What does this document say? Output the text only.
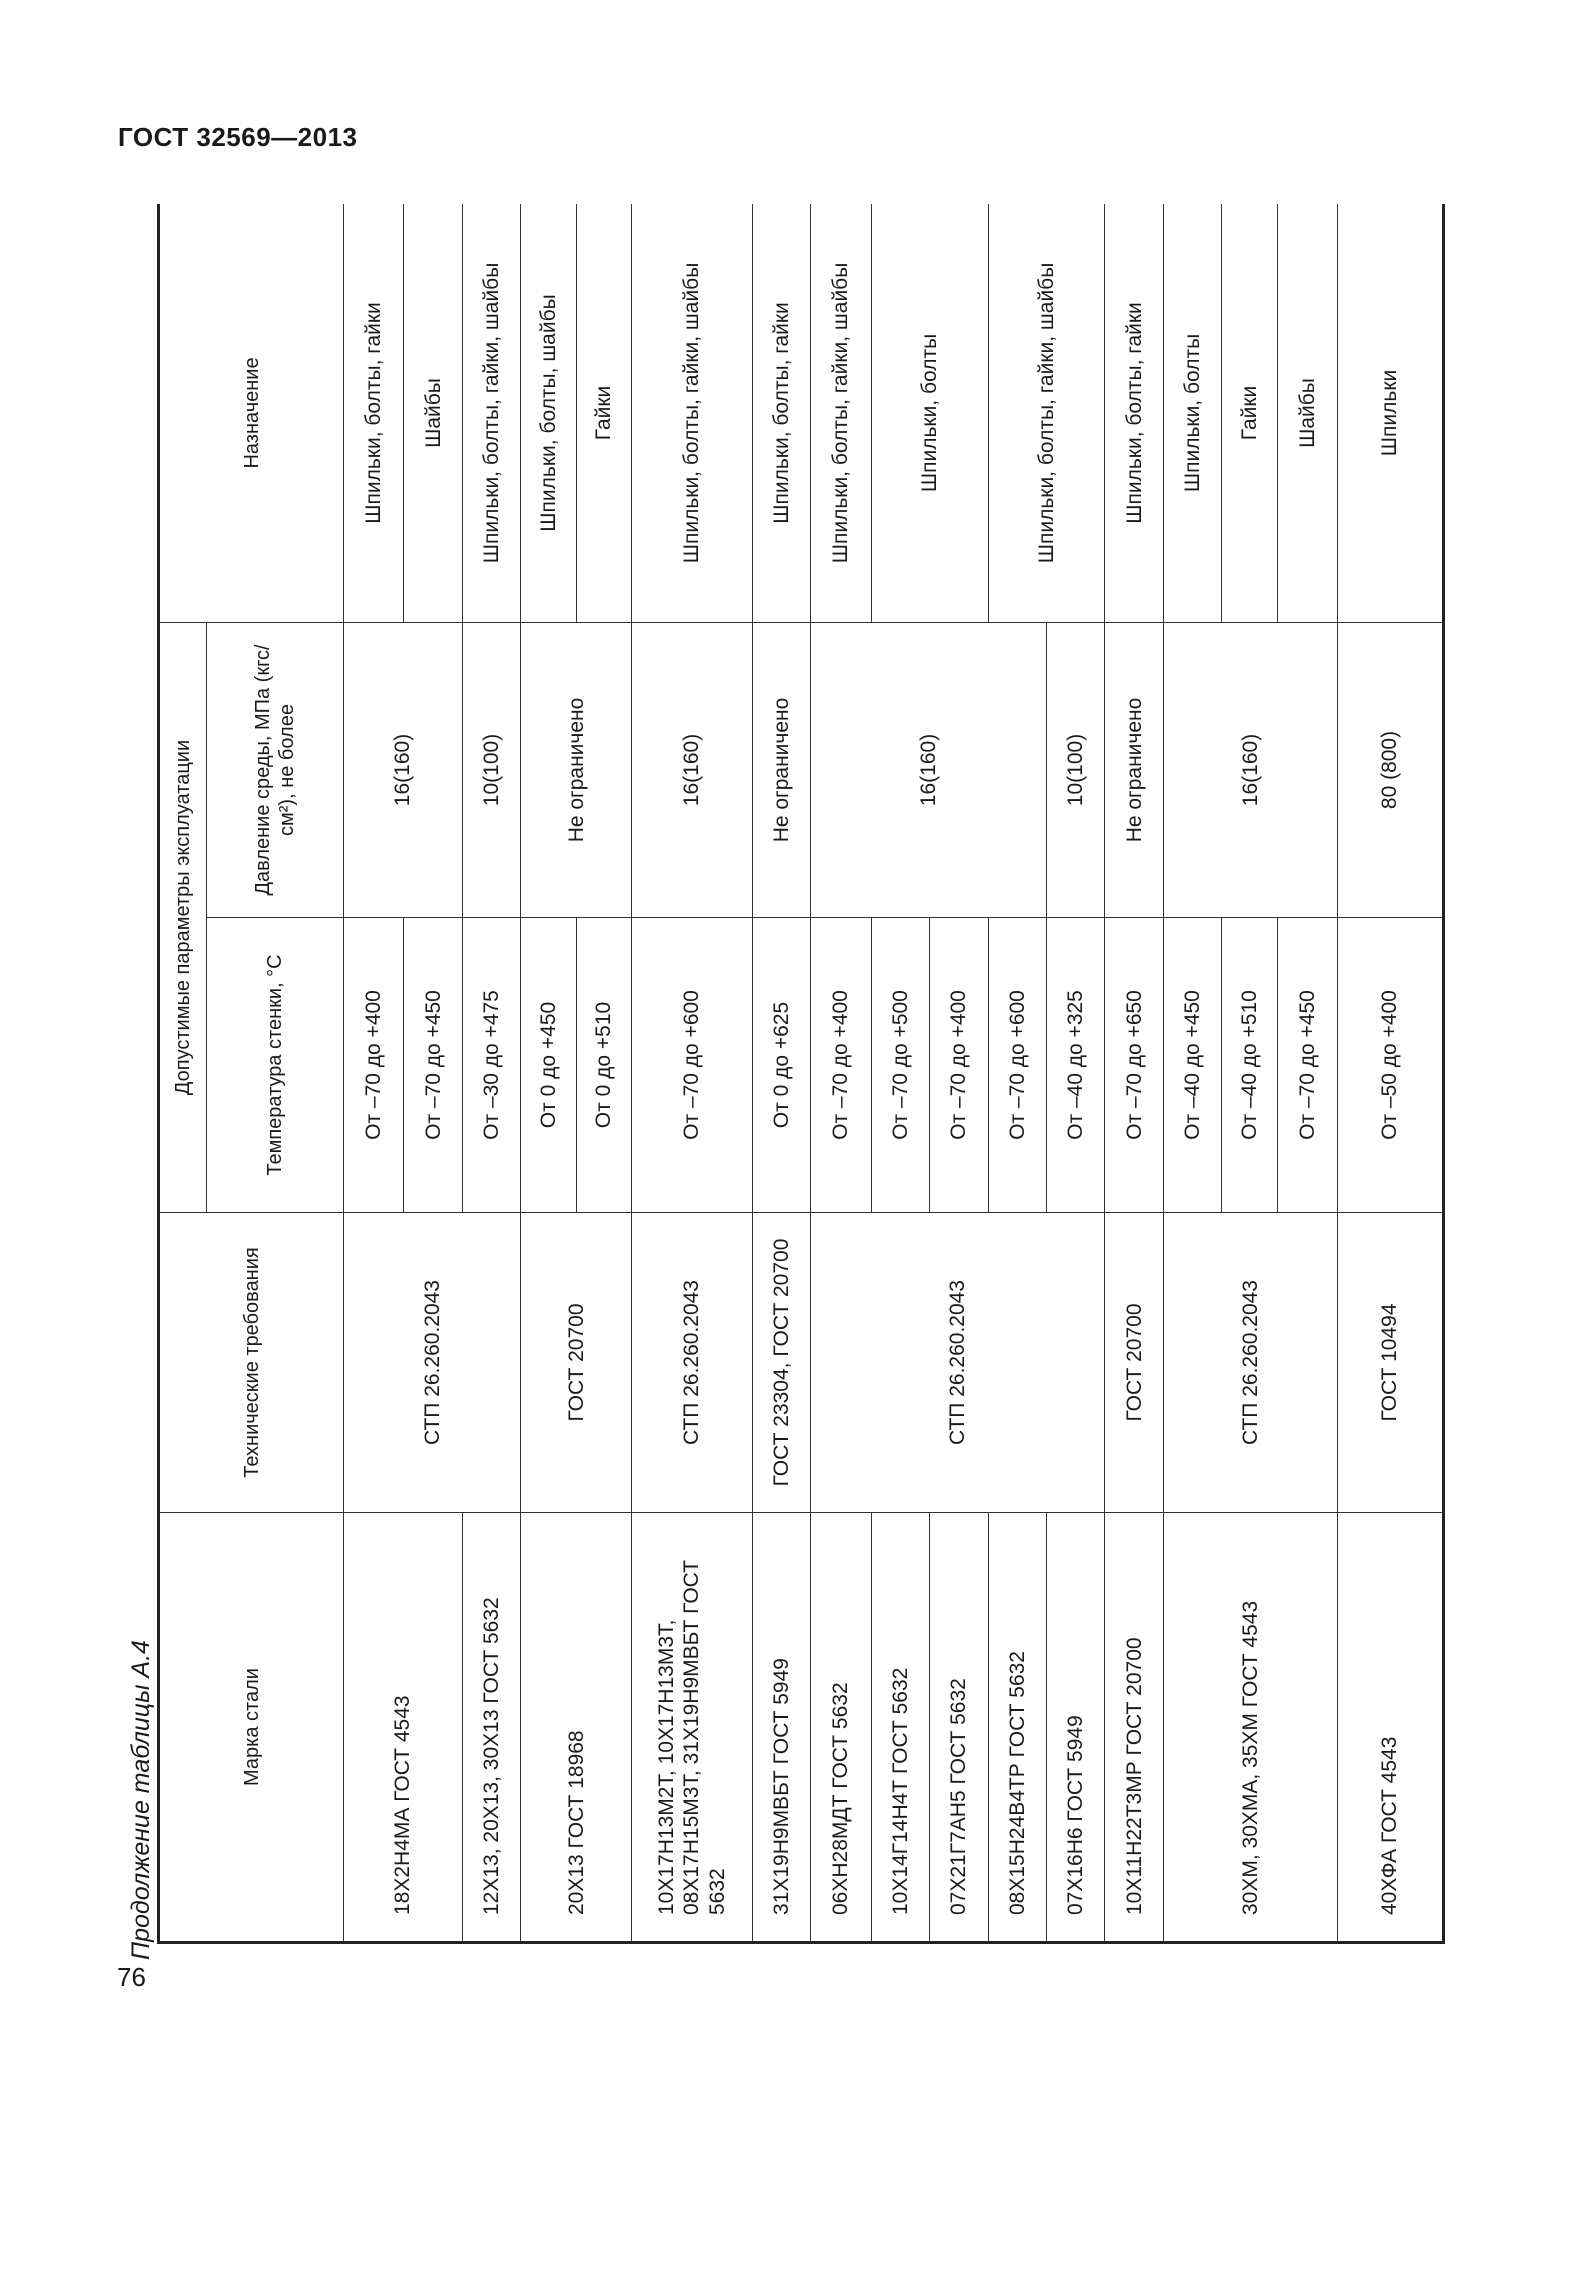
ГОСТ 32569—2013
76
Продолжение таблицы А.4	Марка стали	Технические требования	Допустимые параметры эксплуатации		Назначение
		Температура стенки, °С	Давление среды, МПа (кгс/см²), не более	
18Х2Н4МА ГОСТ 4543	СТП 26.260.2043	От –70 до +400	16(160)	Шпильки, болты, гайки
		От –70 до +450		Шайбы
12Х13, 20Х13, 30Х13 ГОСТ 5632		От –30 до +475	10(100)	Шпильки, болты, гайки, шайбы
20Х13 ГОСТ 18968	ГОСТ 20700	От 0 до +450	Не ограничено	Шпильки, болты, шайбы
		От 0 до +510		Гайки
10Х17Н13М2Т, 10Х17Н13М3Т, 08Х17Н15М3Т, 31Х19Н9МВБТ ГОСТ 5632	СТП 26.260.2043	От –70 до +600	16(160)	Шпильки, болты, гайки, шайбы
31Х19Н9МВБТ ГОСТ 5949	ГОСТ 23304, ГОСТ 20700	От 0 до +625	Не ограничено	Шпильки, болты, гайки
06ХН28МДТ ГОСТ 5632	СТП 26.260.2043	От –70 до +400	16(160)	Шпильки, болты, гайки, шайбы
10Х14Г14Н4Т ГОСТ 5632		От –70 до +500		Шпильки, болты
07Х21Г7АН5 ГОСТ 5632		От –70 до +400		
08Х15Н24В4ТР ГОСТ 5632		От –70 до +600		Шпильки, болты, гайки, шайбы
07Х16Н6 ГОСТ 5949		От –40 до +325	10(100)	
10Х11Н22Т3МР ГОСТ 20700	ГОСТ 20700	От –70 до +650	Не ограничено	Шпильки, болты, гайки
30ХМ, 30ХМА, 35ХМ ГОСТ 4543	СТП 26.260.2043	От –40 до +450	16(160)	Шпильки, болты
		От –40 до +510		Гайки
		От –70 до +450		Шайбы
40ХФА ГОСТ 4543	ГОСТ 10494	От –50 до +400	80 (800)	Шпильки
